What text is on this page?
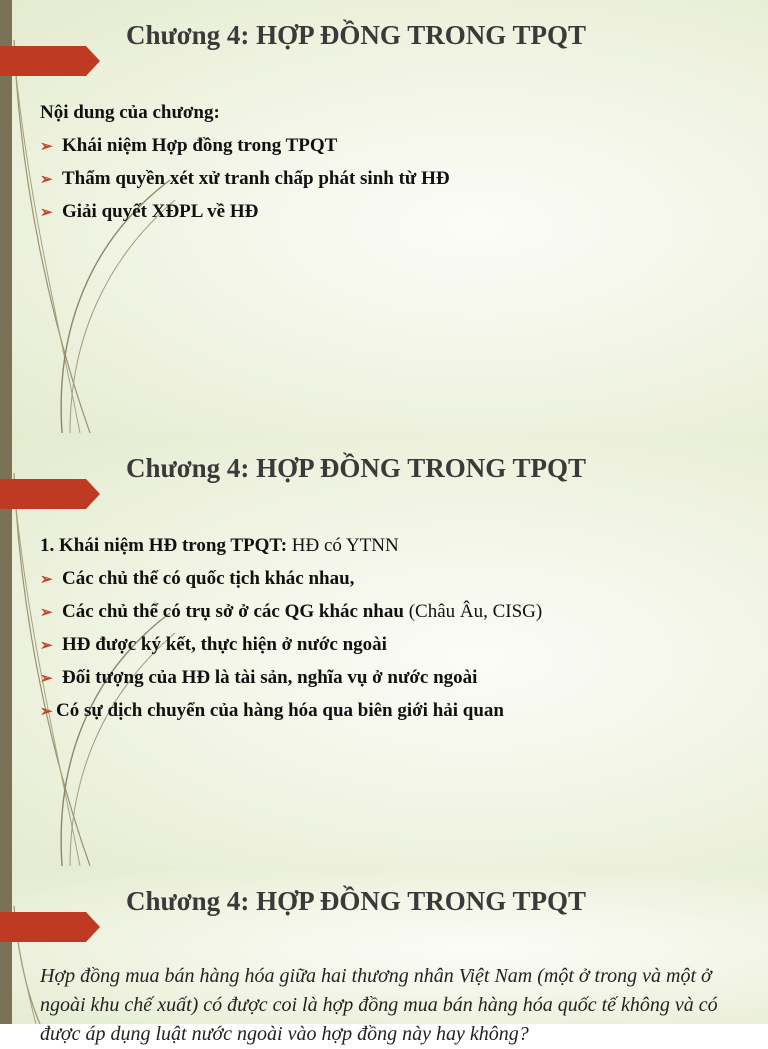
Chương 4: HỢP ĐỒNG TRONG TPQT
Nội dung của chương:
➢ Khái niệm Hợp đồng trong TPQT
➢ Thẩm quyền xét xử tranh chấp phát sinh từ HĐ
➢ Giải quyết XĐPL về HĐ
Chương 4: HỢP ĐỒNG TRONG TPQT
1. Khái niệm HĐ trong TPQT: HĐ có YTNN
➢ Các chủ thể có quốc tịch khác nhau,
➢ Các chủ thể có trụ sở ở các QG khác nhau (Châu Âu, CISG)
➢ HĐ được ký kết, thực hiện ở nước ngoài
➢ Đối tượng của HĐ là tài sản, nghĩa vụ ở nước ngoài
➢ Có sự dịch chuyển của hàng hóa qua biên giới hải quan
Chương 4: HỢP ĐỒNG TRONG TPQT
Hợp đồng mua bán hàng hóa giữa hai thương nhân Việt Nam (một ở trong và một ở
ngoài khu chế xuất) có được coi là hợp đồng mua bán hàng hóa quốc tế không và có
được áp dụng luật nước ngoài vào hợp đồng này hay không?
